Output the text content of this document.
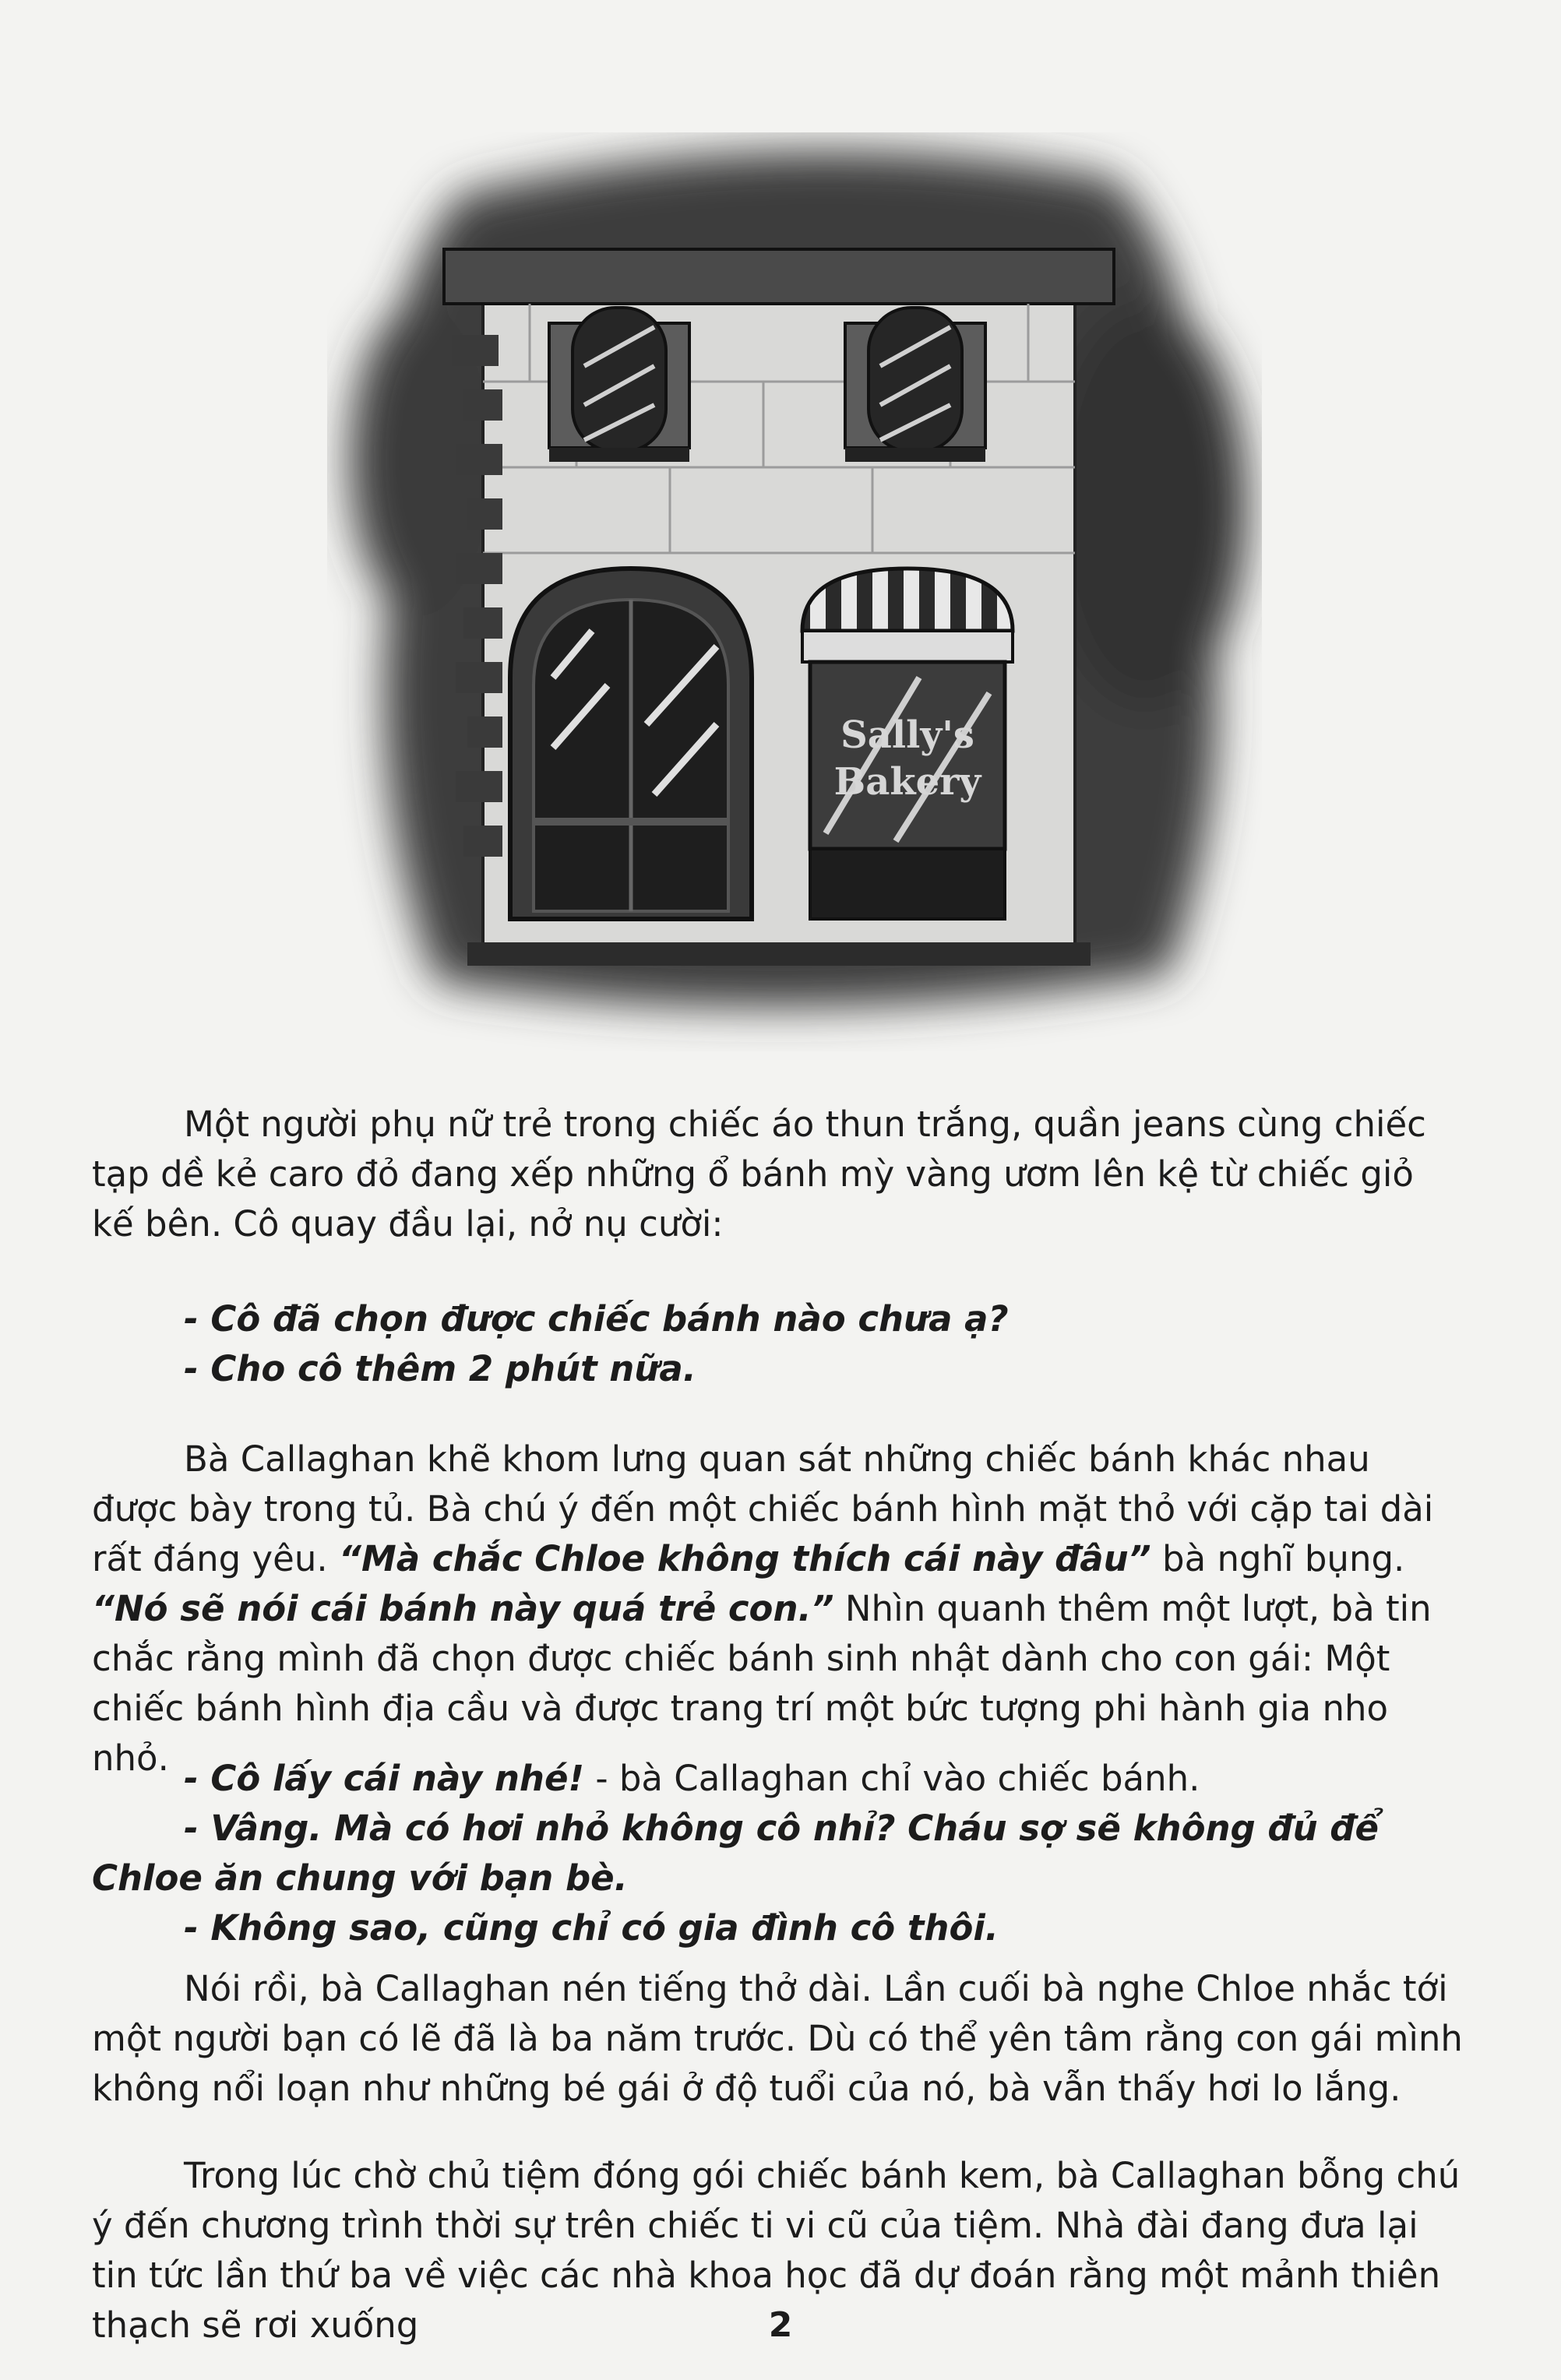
Sally's
Bakery

Một người phụ nữ trẻ trong chiếc áo thun trắng, quần jeans cùng chiếc tạp dề kẻ caro đỏ đang xếp những ổ bánh mỳ vàng ươm lên kệ từ chiếc giỏ kế bên. Cô quay đầu lại, nở nụ cười:

- Cô đã chọn được chiếc bánh nào chưa ạ?

- Cho cô thêm 2 phút nữa.

Bà Callaghan khẽ khom lưng quan sát những chiếc bánh khác nhau được bày trong tủ. Bà chú ý đến một chiếc bánh hình mặt thỏ với cặp tai dài rất đáng yêu. “Mà chắc Chloe không thích cái này đâu” bà nghĩ bụng. “Nó sẽ nói cái bánh này quá trẻ con.” Nhìn quanh thêm một lượt, bà tin chắc rằng mình đã chọn được chiếc bánh sinh nhật dành cho con gái: Một chiếc bánh hình địa cầu và được trang trí một bức tượng phi hành gia nho nhỏ. - Cô lấy cái này nhé! - bà Callaghan chỉ vào chiếc bánh.

- Vâng. Mà có hơi nhỏ không cô nhỉ? Cháu sợ sẽ không đủ để Chloe ăn chung với bạn bè.

- Không sao, cũng chỉ có gia đình cô thôi.

Nói rồi, bà Callaghan nén tiếng thở dài. Lần cuối bà nghe Chloe nhắc tới một người bạn có lẽ đã là ba năm trước. Dù có thể yên tâm rằng con gái mình không nổi loạn như những bé gái ở độ tuổi của nó, bà vẫn thấy hơi lo lắng.

Trong lúc chờ chủ tiệm đóng gói chiếc bánh kem, bà Callaghan bỗng chú ý đến chương trình thời sự trên chiếc ti vi cũ của tiệm. Nhà đài đang đưa lại tin tức lần thứ ba về việc các nhà khoa học đã dự đoán rằng một mảnh thiên thạch sẽ rơi xuống	2
